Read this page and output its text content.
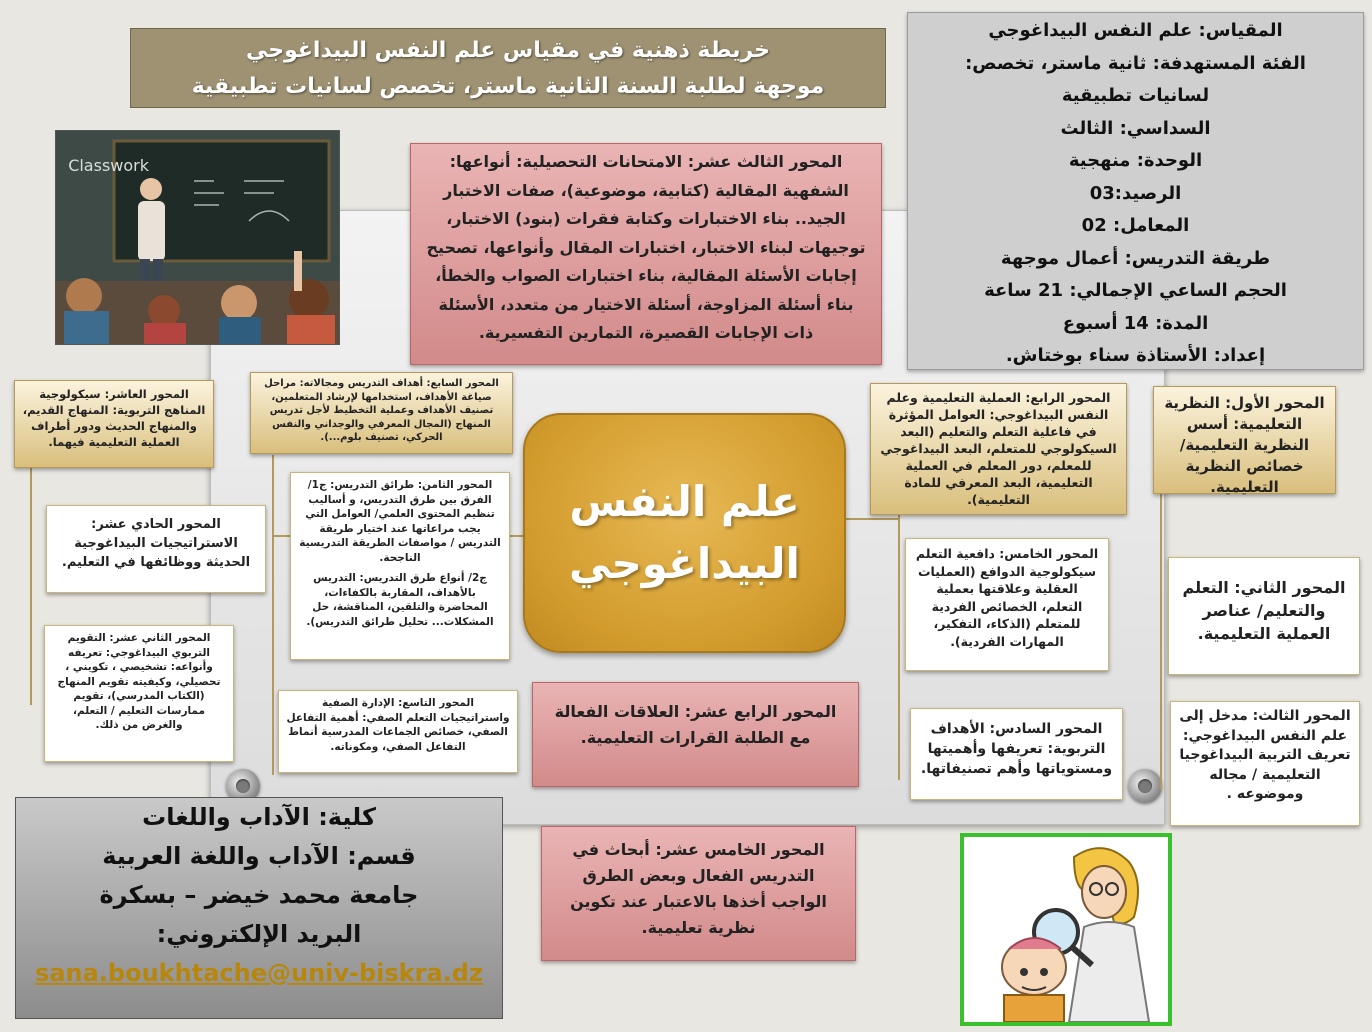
خريطة ذهنية في مقياس علم النفس البيداغوجي
موجهة لطلبة السنة الثانية ماستر، تخصص لسانيات تطبيقية
المقياس: علم النفس البيداغوجي
الفئة المستهدفة: ثانية ماستر، تخصص:
لسانيات تطبيقية
السداسي: الثالث
الوحدة: منهجية
الرصيد:03
المعامل: 02
طريقة التدريس: أعمال موجهة
الحجم الساعي الإجمالي: 21 ساعة
المدة: 14 أسبوع
إعداد: الأستاذة سناء بوختاش.
Classwork	المحور الثالث عشر: الامتحانات التحصيلية: أنواعها: الشفهية المقالية (كتابية، موضوعية)، صفات الاختبار الجيد.. بناء الاختبارات وكتابة فقرات (بنود) الاختبار، توجيهات لبناء الاختبار، اختبارات المقال وأنواعها، تصحيح إجابات الأسئلة المقالية، بناء اختبارات الصواب والخطأ، بناء أسئلة المزاوجة، أسئلة الاختيار من متعدد، الأسئلة ذات الإجابات القصيرة، التمارين التفسيرية.
علم النفس
البيداغوجي
المحور الأول: النظرية التعليمية: أسس النظرية التعليمية/ خصائص النظرية التعليمية.
المحور الثاني: التعلم والتعليم/ عناصر العملية التعليمية.
المحور الثالث: مدخل إلى علم النفس البيداغوجي: تعريف التربية البيداغوجيا التعليمية / مجاله وموضوعه .
المحور الرابع: العملية التعليمية وعلم النفس البيداغوجي: العوامل المؤثرة في فاعلية التعلم والتعليم (البعد السيكولوجي للمتعلم، البعد البيداغوجي للمعلم، دور المعلم في العملية التعليمية، البعد المعرفي للمادة التعليمية).
المحور الخامس: دافعية التعلم سيكولوجية الدوافع (العمليات العقلية وعلاقتها بعملية التعلم، الخصائص الفردية للمتعلم (الذكاء، التفكير، المهارات الفردية).
المحور السادس: الأهداف التربوية: تعريفها وأهميتها ومستوياتها وأهم تصنيفاتها.
المحور الرابع عشر: العلاقات الفعالة مع الطلبة القرارات التعليمية.
المحور الخامس عشر: أبحاث في التدريس الفعال وبعض الطرق الواجب أخذها بالاعتبار عند تكوين نظرية تعليمية.
المحور السابع: أهداف التدريس ومجالاته: مراحل صياغة الأهداف، استخدامها لإرشاد المتعلمين، تصنيف الأهداف وعملية التخطيط لأجل تدريس المنهاج (المجال المعرفي والوجداني والنفس الحركي، تصنيف بلوم...).
المحور الثامن: طرائق التدريس: ج1/ الفرق بين طرق التدريس، و أساليب تنظيم المحتوى العلمي/ العوامل التي يجب مراعاتها عند اختيار طريقة التدريس / مواصفات الطريقة التدريسية الناجحة.
ج2/ أنواع طرق التدريس: التدريس بالأهداف، المقاربة بالكفاءات، المحاضرة والتلقين، المناقشة، حل المشكلات... تحليل طرائق التدريس).
المحور التاسع: الإدارة الصفية واستراتيجيات التعلم الصفي: أهمية التفاعل الصفي، خصائص الجماعات المدرسية أنماط التفاعل الصفي، ومكوناته.
المحور العاشر: سيكولوجية المناهج التربوية: المنهاج القديم، والمنهاج الحديث ودور أطراف العملية التعليمية فيهما.
المحور الحادي عشر: الاستراتيجيات البيداغوجية الحديثة ووظائفها في التعليم.
المحور الثاني عشر: التقويم التربوي البيداغوجي: تعريفه وأنواعه: تشخيصي ، تكويني ، تحصيلي، وكيفيته تقويم المنهاج (الكتاب المدرسي)، تقويم ممارسات التعليم / التعلم، والغرض من ذلك.
كلية: الآداب واللغات
قسم: الآداب واللغة العربية
جامعة محمد خيضر – بسكرة
البريد الإلكتروني:
sana.boukhtache@univ-biskra.dz
